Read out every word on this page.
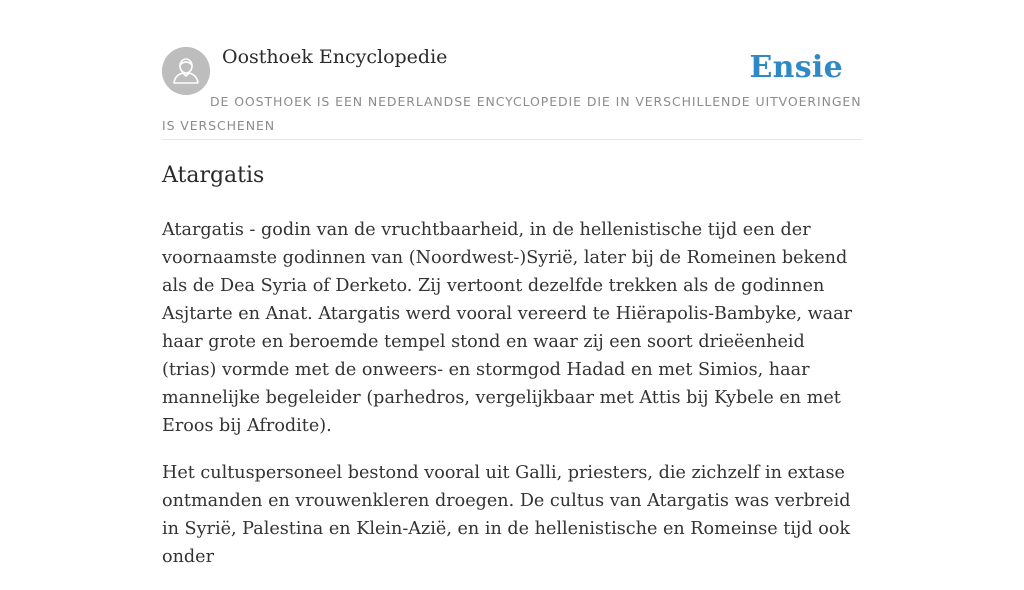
Oosthoek Encyclopedie	Ensie
DE OOSTHOEK IS EEN NEDERLANDSE ENCYCLOPEDIE DIE IN VERSCHILLENDE UITVOERINGEN IS VERSCHENEN
Atargatis

Atargatis - godin van de vruchtbaarheid, in de hellenistische tijd een der voornaamste godinnen van (Noordwest-)Syrië, later bij de Romeinen bekend als de Dea Syria of Derketo. Zij vertoont dezelfde trekken als de godinnen Asjtarte en Anat. Atargatis werd vooral vereerd te Hiërapolis-Bambyke, waar haar grote en beroemde tempel stond en waar zij een soort drieëenheid (trias) vormde met de onweers- en stormgod Hadad en met Simios, haar mannelijke begeleider (parhedros, vergelijkbaar met Attis bij Kybele en met Eroos bij Afrodite).

Het cultuspersoneel bestond vooral uit Galli, priesters, die zichzelf in extase ontmanden en vrouwenkleren droegen. De cultus van Atargatis was verbreid in Syrië, Palestina en Klein-Azië, en in de hellenistische en Romeinse tijd ook onder
